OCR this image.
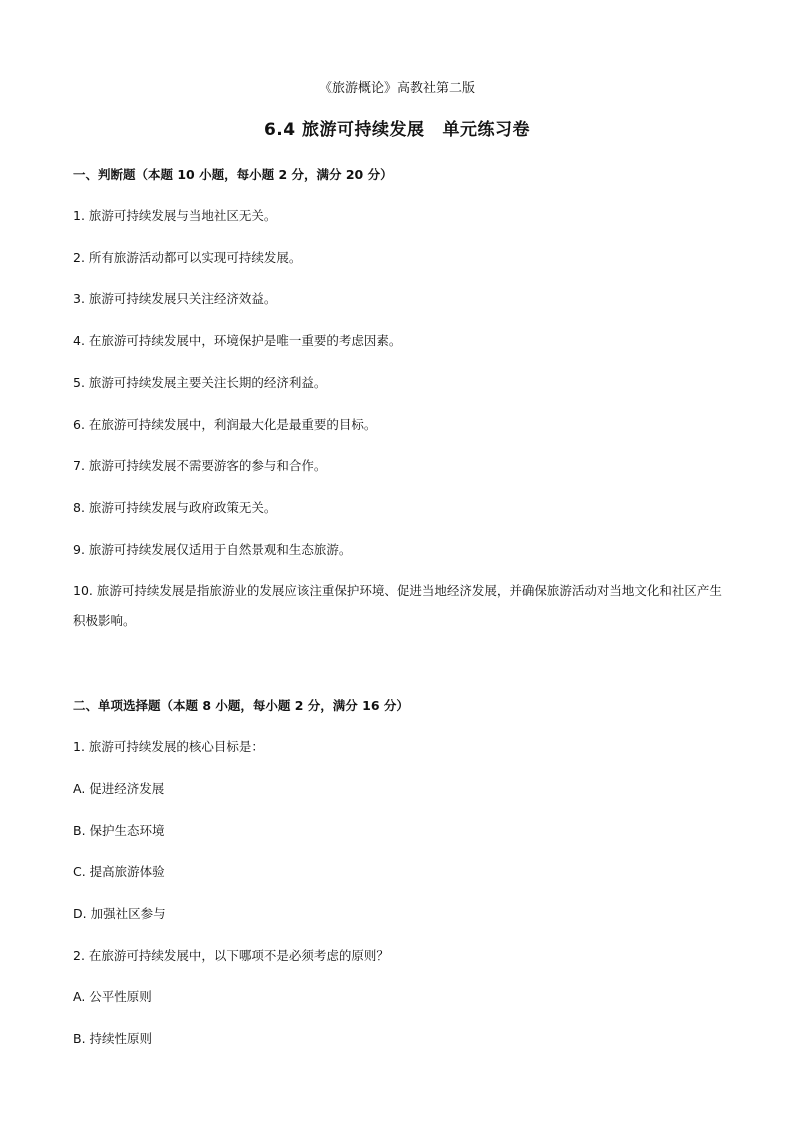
《旅游概论》高教社第二版
6.4 旅游可持续发展 单元练习卷
一、判断题（本题 10 小题，每小题 2 分，满分 20 分）
1. 旅游可持续发展与当地社区无关。
2. 所有旅游活动都可以实现可持续发展。
3. 旅游可持续发展只关注经济效益。
4. 在旅游可持续发展中，环境保护是唯一重要的考虑因素。
5. 旅游可持续发展主要关注长期的经济利益。
6. 在旅游可持续发展中，利润最大化是最重要的目标。
7. 旅游可持续发展不需要游客的参与和合作。
8. 旅游可持续发展与政府政策无关。
9. 旅游可持续发展仅适用于自然景观和生态旅游。
10. 旅游可持续发展是指旅游业的发展应该注重保护环境、促进当地经济发展，并确保旅游活动对当地文化和社区产生积极影响。
二、单项选择题（本题 8 小题，每小题 2 分，满分 16 分）
1. 旅游可持续发展的核心目标是：
A. 促进经济发展
B. 保护生态环境
C. 提高旅游体验
D. 加强社区参与
2. 在旅游可持续发展中，以下哪项不是必须考虑的原则？
A. 公平性原则
B. 持续性原则
